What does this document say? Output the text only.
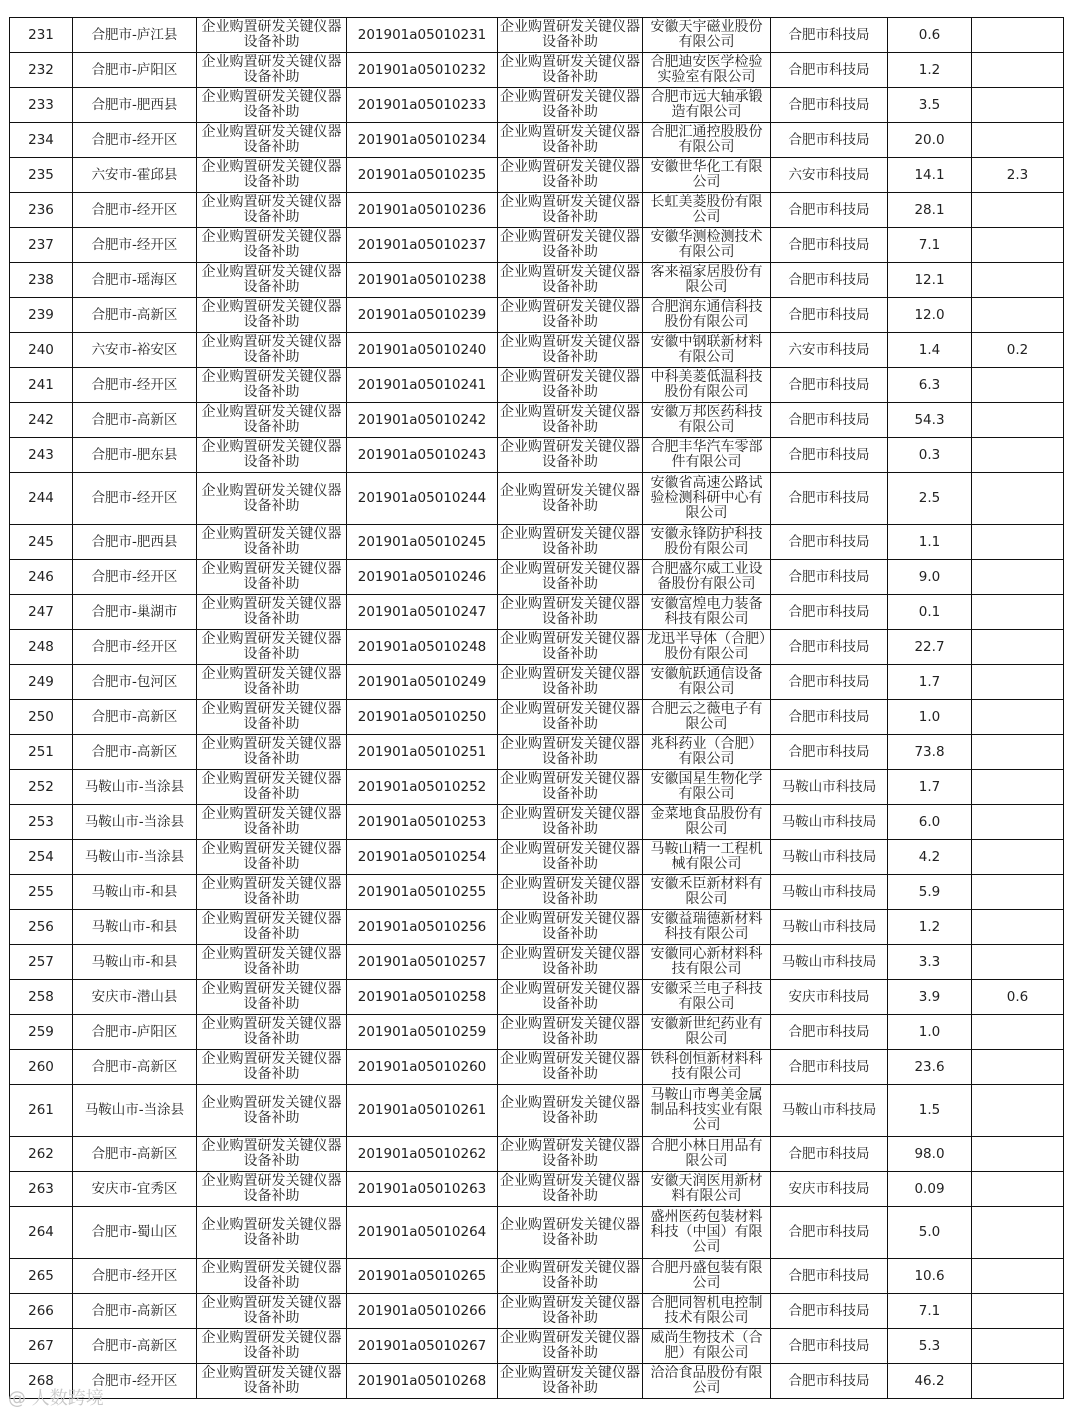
231	合肥市-庐江县	企业购置研发关键仪器设备补助	201901a05010231	企业购置研发关键仪器设备补助	安徽天宇磁业股份有限公司	合肥市科技局	0.6	
232	合肥市-庐阳区	企业购置研发关键仪器设备补助	201901a05010232	企业购置研发关键仪器设备补助	合肥迪安医学检验实验室有限公司	合肥市科技局	1.2	
233	合肥市-肥西县	企业购置研发关键仪器设备补助	201901a05010233	企业购置研发关键仪器设备补助	合肥市远大轴承锻造有限公司	合肥市科技局	3.5	
234	合肥市-经开区	企业购置研发关键仪器设备补助	201901a05010234	企业购置研发关键仪器设备补助	合肥汇通控股股份有限公司	合肥市科技局	20.0	
235	六安市-霍邱县	企业购置研发关键仪器设备补助	201901a05010235	企业购置研发关键仪器设备补助	安徽世华化工有限公司	六安市科技局	14.1	2.3
236	合肥市-经开区	企业购置研发关键仪器设备补助	201901a05010236	企业购置研发关键仪器设备补助	长虹美菱股份有限公司	合肥市科技局	28.1	
237	合肥市-经开区	企业购置研发关键仪器设备补助	201901a05010237	企业购置研发关键仪器设备补助	安徽华测检测技术有限公司	合肥市科技局	7.1	
238	合肥市-瑶海区	企业购置研发关键仪器设备补助	201901a05010238	企业购置研发关键仪器设备补助	客来福家居股份有限公司	合肥市科技局	12.1	
239	合肥市-高新区	企业购置研发关键仪器设备补助	201901a05010239	企业购置研发关键仪器设备补助	合肥润东通信科技股份有限公司	合肥市科技局	12.0	
240	六安市-裕安区	企业购置研发关键仪器设备补助	201901a05010240	企业购置研发关键仪器设备补助	安徽中钢联新材料有限公司	六安市科技局	1.4	0.2
241	合肥市-经开区	企业购置研发关键仪器设备补助	201901a05010241	企业购置研发关键仪器设备补助	中科美菱低温科技股份有限公司	合肥市科技局	6.3	
242	合肥市-高新区	企业购置研发关键仪器设备补助	201901a05010242	企业购置研发关键仪器设备补助	安徽万邦医药科技有限公司	合肥市科技局	54.3	
243	合肥市-肥东县	企业购置研发关键仪器设备补助	201901a05010243	企业购置研发关键仪器设备补助	合肥丰华汽车零部件有限公司	合肥市科技局	0.3	
244	合肥市-经开区	企业购置研发关键仪器设备补助	201901a05010244	企业购置研发关键仪器设备补助	安徽省高速公路试验检测科研中心有限公司	合肥市科技局	2.5	
245	合肥市-肥西县	企业购置研发关键仪器设备补助	201901a05010245	企业购置研发关键仪器设备补助	安徽永锋防护科技股份有限公司	合肥市科技局	1.1	
246	合肥市-经开区	企业购置研发关键仪器设备补助	201901a05010246	企业购置研发关键仪器设备补助	合肥盛尔威工业设备股份有限公司	合肥市科技局	9.0	
247	合肥市-巢湖市	企业购置研发关键仪器设备补助	201901a05010247	企业购置研发关键仪器设备补助	安徽富煌电力装备科技有限公司	合肥市科技局	0.1	
248	合肥市-经开区	企业购置研发关键仪器设备补助	201901a05010248	企业购置研发关键仪器设备补助	龙迅半导体（合肥）股份有限公司	合肥市科技局	22.7	
249	合肥市-包河区	企业购置研发关键仪器设备补助	201901a05010249	企业购置研发关键仪器设备补助	安徽航跃通信设备有限公司	合肥市科技局	1.7	
250	合肥市-高新区	企业购置研发关键仪器设备补助	201901a05010250	企业购置研发关键仪器设备补助	合肥云之薇电子有限公司	合肥市科技局	1.0	
251	合肥市-高新区	企业购置研发关键仪器设备补助	201901a05010251	企业购置研发关键仪器设备补助	兆科药业（合肥）有限公司	合肥市科技局	73.8	
252	马鞍山市-当涂县	企业购置研发关键仪器设备补助	201901a05010252	企业购置研发关键仪器设备补助	安徽国星生物化学有限公司	马鞍山市科技局	1.7	
253	马鞍山市-当涂县	企业购置研发关键仪器设备补助	201901a05010253	企业购置研发关键仪器设备补助	金菜地食品股份有限公司	马鞍山市科技局	6.0	
254	马鞍山市-当涂县	企业购置研发关键仪器设备补助	201901a05010254	企业购置研发关键仪器设备补助	马鞍山精一工程机械有限公司	马鞍山市科技局	4.2	
255	马鞍山市-和县	企业购置研发关键仪器设备补助	201901a05010255	企业购置研发关键仪器设备补助	安徽禾臣新材料有限公司	马鞍山市科技局	5.9	
256	马鞍山市-和县	企业购置研发关键仪器设备补助	201901a05010256	企业购置研发关键仪器设备补助	安徽益瑞德新材料科技有限公司	马鞍山市科技局	1.2	
257	马鞍山市-和县	企业购置研发关键仪器设备补助	201901a05010257	企业购置研发关键仪器设备补助	安徽同心新材料科技有限公司	马鞍山市科技局	3.3	
258	安庆市-潜山县	企业购置研发关键仪器设备补助	201901a05010258	企业购置研发关键仪器设备补助	安徽采兰电子科技有限公司	安庆市科技局	3.9	0.6
259	合肥市-庐阳区	企业购置研发关键仪器设备补助	201901a05010259	企业购置研发关键仪器设备补助	安徽新世纪药业有限公司	合肥市科技局	1.0	
260	合肥市-高新区	企业购置研发关键仪器设备补助	201901a05010260	企业购置研发关键仪器设备补助	铁科创恒新材料科技有限公司	合肥市科技局	23.6	
261	马鞍山市-当涂县	企业购置研发关键仪器设备补助	201901a05010261	企业购置研发关键仪器设备补助	马鞍山市粤美金属制品科技实业有限公司	马鞍山市科技局	1.5	
262	合肥市-高新区	企业购置研发关键仪器设备补助	201901a05010262	企业购置研发关键仪器设备补助	合肥小林日用品有限公司	合肥市科技局	98.0	
263	安庆市-宜秀区	企业购置研发关键仪器设备补助	201901a05010263	企业购置研发关键仪器设备补助	安徽天润医用新材料有限公司	安庆市科技局	0.09	
264	合肥市-蜀山区	企业购置研发关键仪器设备补助	201901a05010264	企业购置研发关键仪器设备补助	盛州医药包装材料科技（中国）有限公司	合肥市科技局	5.0	
265	合肥市-经开区	企业购置研发关键仪器设备补助	201901a05010265	企业购置研发关键仪器设备补助	合肥丹盛包装有限公司	合肥市科技局	10.6	
266	合肥市-高新区	企业购置研发关键仪器设备补助	201901a05010266	企业购置研发关键仪器设备补助	合肥同智机电控制技术有限公司	合肥市科技局	7.1	
267	合肥市-高新区	企业购置研发关键仪器设备补助	201901a05010267	企业购置研发关键仪器设备补助	威尚生物技术（合肥）有限公司	合肥市科技局	5.3	
268	合肥市-经开区	企业购置研发关键仪器设备补助	201901a05010268	企业购置研发关键仪器设备补助	洽洽食品股份有限公司	合肥市科技局	46.2	
@ 人数跨境
